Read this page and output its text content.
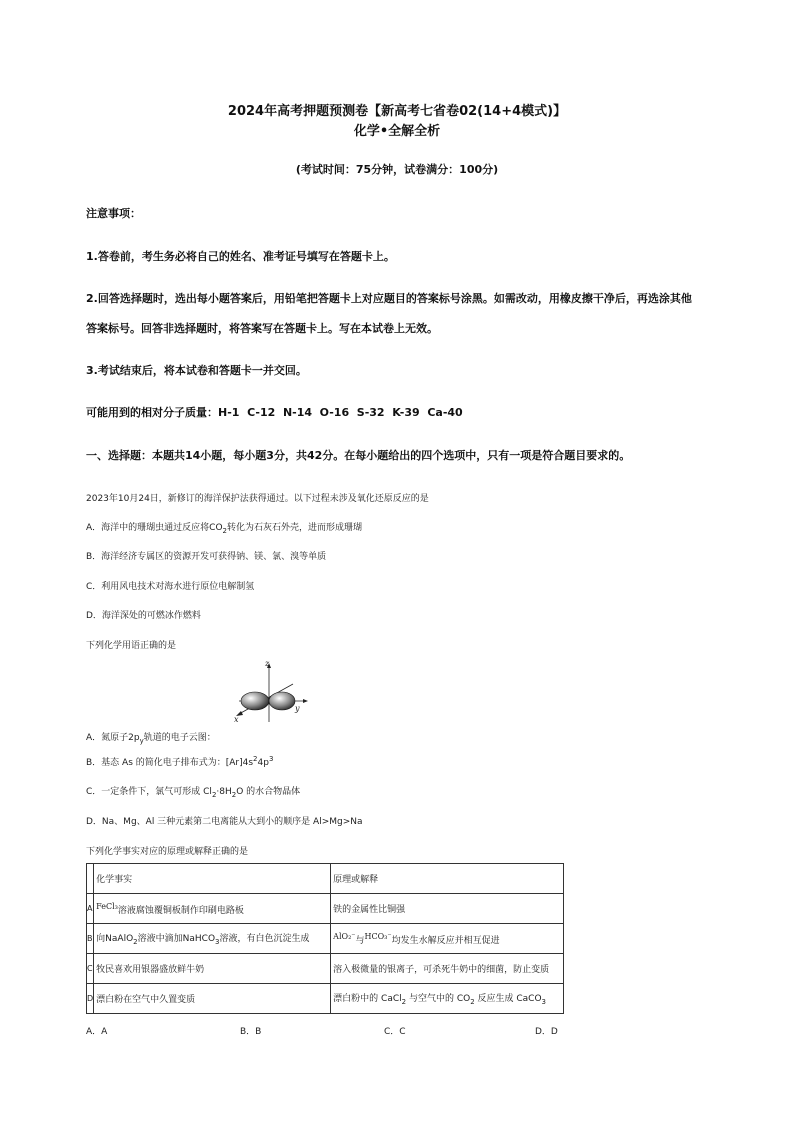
2024年高考押题预测卷【新高考七省卷02(14+4模式)】
化学•全解全析
(考试时间：75分钟，试卷满分：100分)
注意事项：
1.答卷前，考生务必将自己的姓名、准考证号填写在答题卡上。
2.回答选择题时，选出每小题答案后，用铅笔把答题卡上对应题目的答案标号涂黑。如需改动，用橡皮擦干净后，再选涂其他
答案标号。回答非选择题时，将答案写在答题卡上。写在本试卷上无效。
3.考试结束后，将本试卷和答题卡一并交回。
可能用到的相对分子质量：H-1  C-12  N-14  O-16  S-32  K-39  Ca-40
一、选择题：本题共14小题，每小题3分，共42分。在每小题给出的四个选项中，只有一项是符合题目要求的。
2023年10月24日，新修订的海洋保护法获得通过。以下过程未涉及氧化还原反应的是
A．海洋中的珊瑚虫通过反应将$CO_2$转化为石灰石外壳，进而形成珊瑚
B．海洋经济专属区的资源开发可获得钠、镁、氯、溴等单质
C．利用风电技术对海水进行原位电解制氢
D．海洋深处的可燃冰作燃料
下列化学用语正确的是
z
x
y
A．氮原子$2p_y$轨道的电子云图：
B．基态 As 的简化电子排布式为：$[Ar]4s^24p^3$
C．一定条件下，氯气可形成 $Cl_2\cdot 8H_2O$ 的水合物晶体
D．Na、Mg、Al 三种元素第二电离能从大到小的顺序是 Al>Mg>Na
下列化学事实对应的原理或解释正确的是
	化学事实	原理或解释
A	FeCl₃溶液腐蚀覆铜板制作印刷电路板	铁的金属性比铜强
B	向NaAlO$_2$溶液中滴加NaHCO$_3$溶液，有白色沉淀生成	AlO₂⁻与HCO₃⁻均发生水解反应并相互促进
C	牧民喜欢用银器盛放鲜牛奶	溶入极微量的银离子，可杀死牛奶中的细菌，防止变质
D	漂白粉在空气中久置变质	漂白粉中的 CaCl$_2$ 与空气中的 $CO_2$ 反应生成 CaCO$_3$
A．A	B．B	C．C	D．D
